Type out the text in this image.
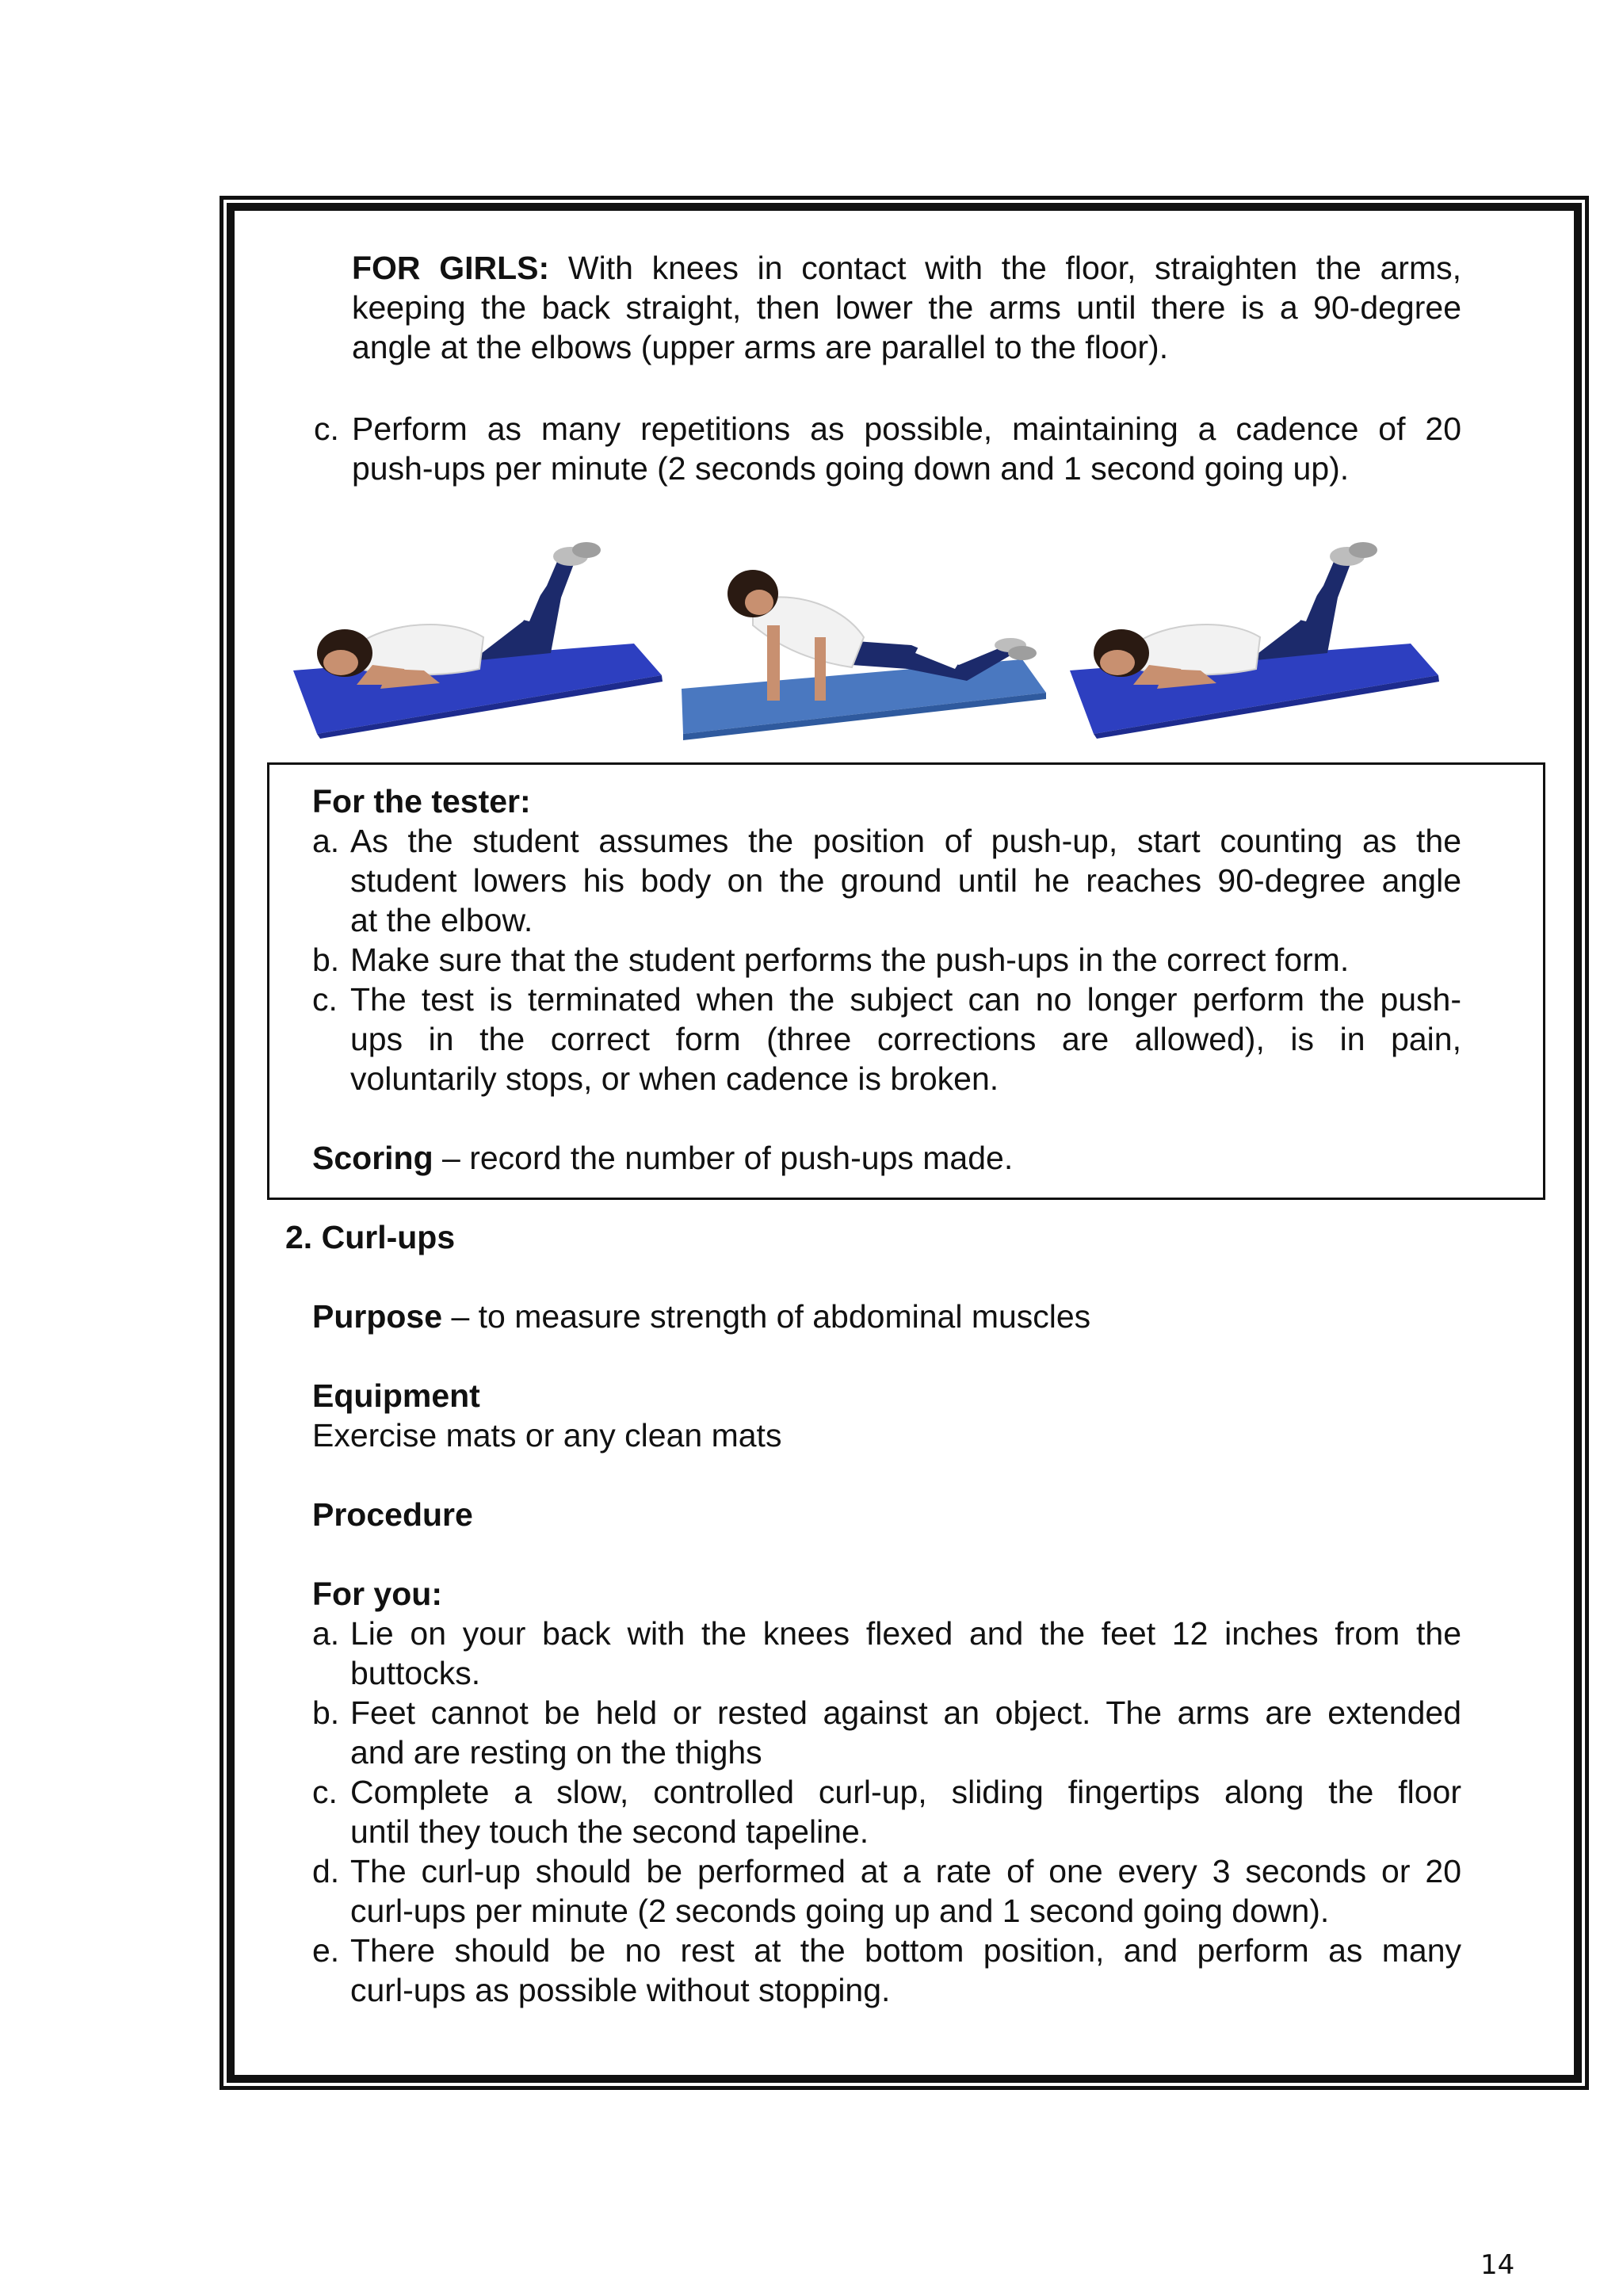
FOR GIRLS: With knees in contact with the floor, straighten the arms,
keeping the back straight, then lower the arms until there is a 90-degree
angle at the elbows (upper arms are parallel to the floor).
c. Perform as many repetitions as possible, maintaining a cadence of 20
push-ups per minute (2 seconds going down and 1 second going up).
For the tester:
a. As the student assumes the position of push-up, start counting as the
student lowers his body on the ground until he reaches 90-degree angle
at the elbow.
b. Make sure that the student performs the push-ups in the correct form.
c. The test is terminated when the subject can no longer perform the push-
ups in the correct form (three corrections are allowed), is in pain,
voluntarily stops, or when cadence is broken.
Scoring – record the number of push-ups made.
2. Curl-ups
Purpose – to measure strength of abdominal muscles
Equipment
Exercise mats or any clean mats
Procedure
For you:
a. Lie on your back with the knees flexed and the feet 12 inches from the
buttocks.
b. Feet cannot be held or rested against an object. The arms are extended
and are resting on the thighs
c. Complete a slow, controlled curl-up, sliding fingertips along the floor
until they touch the second tapeline.
d. The curl-up should be performed at a rate of one every 3 seconds or 20
curl-ups per minute (2 seconds going up and 1 second going down).
e. There should be no rest at the bottom position, and perform as many
curl-ups as possible without stopping.
14
